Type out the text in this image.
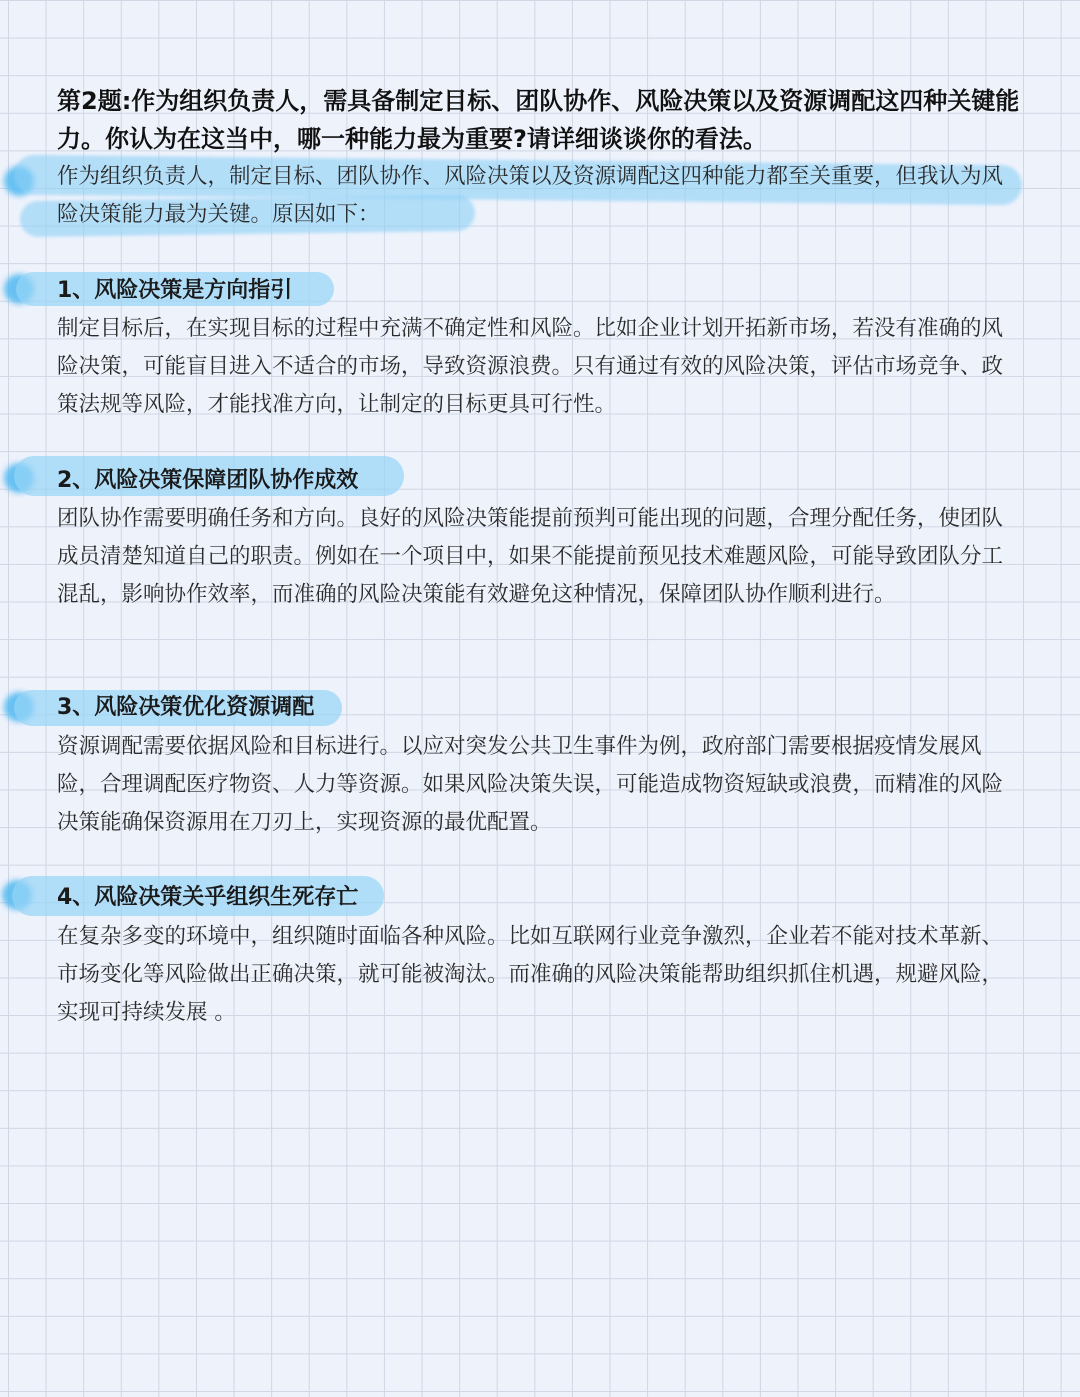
第2题:作为组织负责人，需具备制定目标、团队协作、风险决策以及资源调配这四种关键能力。你认为在这当中，哪一种能力最为重要?请详细谈谈你的看法。

作为组织负责人，制定目标、团队协作、风险决策以及资源调配这四种能力都至关重要，但我认为风险决策能力最为关键。原因如下：

1、风险决策是方向指引

制定目标后，在实现目标的过程中充满不确定性和风险。比如企业计划开拓新市场，若没有准确的风险决策，可能盲目进入不适合的市场，导致资源浪费。只有通过有效的风险决策，评估市场竞争、政策法规等风险，才能找准方向，让制定的目标更具可行性。

2、风险决策保障团队协作成效

团队协作需要明确任务和方向。良好的风险决策能提前预判可能出现的问题，合理分配任务，使团队成员清楚知道自己的职责。例如在一个项目中，如果不能提前预见技术难题风险，可能导致团队分工混乱，影响协作效率，而准确的风险决策能有效避免这种情况，保障团队协作顺利进行。

3、风险决策优化资源调配

资源调配需要依据风险和目标进行。以应对突发公共卫生事件为例，政府部门需要根据疫情发展风险，合理调配医疗物资、人力等资源。如果风险决策失误，可能造成物资短缺或浪费，而精准的风险决策能确保资源用在刀刃上，实现资源的最优配置。

4、风险决策关乎组织生死存亡

在复杂多变的环境中，组织随时面临各种风险。比如互联网行业竞争激烈，企业若不能对技术革新、市场变化等风险做出正确决策，就可能被淘汰。而准确的风险决策能帮助组织抓住机遇，规避风险，实现可持续发展 。
